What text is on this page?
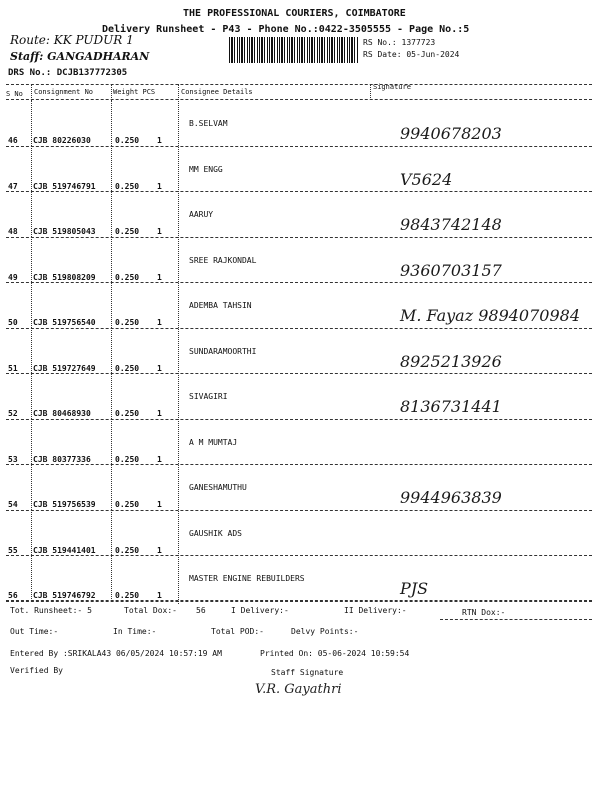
THE PROFESSIONAL COURIERS, COIMBATORE
Delivery Runsheet - P43 - Phone No.:0422-3505555 - Page No.:5
Route: KK PUDUR 1
Staff: GANGADHARAN
RS No.: 1377723
RS Date: 05-Jun-2024
DRS No.: DCJB137772305
S No Consignment No	Weight PCS	Consignee Details
Signature
46 CJB 80226030	0.250 1
B.SELVAM
9940678203
47 CJB 519746791 0.250 1
MM ENGG
V5624
48 CJB 519805043 0.250 1
AARUY
9843742148
49 CJB 519808209 0.250 1
SREE RAJKONDAL
9360703157
50 CJB 519756540 0.250 1
ADEMBA TAHSIN
M. Fayaz 9894070984
51 CJB 519727649 0.250 1
SUNDARAMOORTHI
8925213926
52 CJB 80468930	0.250 1
SIVAGIRI
8136731441
53 CJB 80377336	0.250 1
A M MUMTAJ
54 CJB 519756539 0.250 1
GANESHAMUTHU
9944963839
55 CJB 519441401 0.250 1
GAUSHIK ADS
56 CJB 519746792 0.250 1
MASTER ENGINE REBUILDERS
PJS
Tot. Runsheet:- 5	Total Dox:- 56	I Delivery:-	II Delivery:-	RTN Dox:-
Out Time:-	In Time:-	Total POD:-	Delvy Points:-
Entered By :SRIKALA43 06/05/2024 10:57:19 AM	Printed On: 05-06-2024 10:59:54
Verified By	Staff Signature
V.R. Gayathri
